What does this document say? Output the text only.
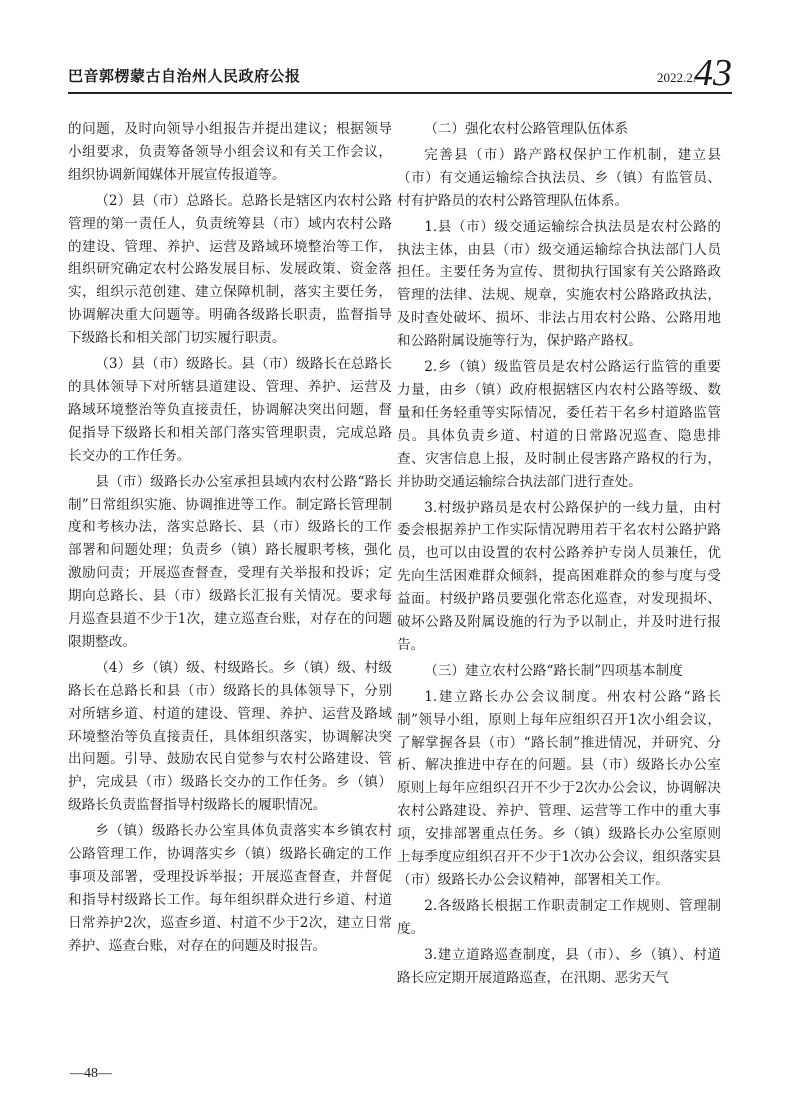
巴音郭楞蒙古自治州人民政府公报	2022.2.
43

的问题，及时向领导小组报告并提出建议；根据领导小组要求，负责筹备领导小组会议和有关工作会议，组织协调新闻媒体开展宣传报道等。

（2）县（市）总路长。总路长是辖区内农村公路管理的第一责任人，负责统筹县（市）域内农村公路的建设、管理、养护、运营及路域环境整治等工作，组织研究确定农村公路发展目标、发展政策、资金落实，组织示范创建、建立保障机制，落实主要任务，协调解决重大问题等。明确各级路长职责，监督指导下级路长和相关部门切实履行职责。

（3）县（市）级路长。县（市）级路长在总路长的具体领导下对所辖县道建设、管理、养护、运营及路域环境整治等负直接责任，协调解决突出问题，督促指导下级路长和相关部门落实管理职责，完成总路长交办的工作任务。

县（市）级路长办公室承担县域内农村公路“路长制”日常组织实施、协调推进等工作。制定路长管理制度和考核办法，落实总路长、县（市）级路长的工作部署和问题处理；负责乡（镇）路长履职考核，强化激励问责；开展巡查督查，受理有关举报和投诉；定期向总路长、县（市）级路长汇报有关情况。要求每月巡查县道不少于1次，建立巡查台账，对存在的问题限期整改。

（4）乡（镇）级、村级路长。乡（镇）级、村级路长在总路长和县（市）级路长的具体领导下，分别对所辖乡道、村道的建设、管理、养护、运营及路域环境整治等负直接责任，具体组织落实，协调解决突出问题。引导、鼓励农民自觉参与农村公路建设、管护，完成县（市）级路长交办的工作任务。乡（镇）级路长负责监督指导村级路长的履职情况。

乡（镇）级路长办公室具体负责落实本乡镇农村公路管理工作，协调落实乡（镇）级路长确定的工作事项及部署，受理投诉举报；开展巡查督查，并督促和指导村级路长工作。每年组织群众进行乡道、村道日常养护2次，巡查乡道、村道不少于2次，建立日常养护、巡查台账，对存在的问题及时报告。

（二）强化农村公路管理队伍体系

完善县（市）路产路权保护工作机制，建立县（市）有交通运输综合执法员、乡（镇）有监管员、村有护路员的农村公路管理队伍体系。

1.县（市）级交通运输综合执法员是农村公路的执法主体，由县（市）级交通运输综合执法部门人员担任。主要任务为宣传、贯彻执行国家有关公路路政管理的法律、法规、规章，实施农村公路路政执法，及时查处破坏、损坏、非法占用农村公路、公路用地和公路附属设施等行为，保护路产路权。

2.乡（镇）级监管员是农村公路运行监管的重要力量，由乡（镇）政府根据辖区内农村公路等级、数量和任务轻重等实际情况，委任若干名乡村道路监管员。具体负责乡道、村道的日常路况巡查、隐患排查、灾害信息上报，及时制止侵害路产路权的行为，并协助交通运输综合执法部门进行查处。

3.村级护路员是农村公路保护的一线力量，由村委会根据养护工作实际情况聘用若干名农村公路护路员，也可以由设置的农村公路养护专岗人员兼任，优先向生活困难群众倾斜，提高困难群众的参与度与受益面。村级护路员要强化常态化巡查，对发现损坏、破坏公路及附属设施的行为予以制止，并及时进行报告。

（三）建立农村公路“路长制”四项基本制度

1.建立路长办公会议制度。州农村公路“路长制”领导小组，原则上每年应组织召开1次小组会议，了解掌握各县（市）“路长制”推进情况，并研究、分析、解决推进中存在的问题。县（市）级路长办公室原则上每年应组织召开不少于2次办公会议，协调解决农村公路建设、养护、管理、运营等工作中的重大事项，安排部署重点任务。乡（镇）级路长办公室原则上每季度应组织召开不少于1次办公会议，组织落实县（市）级路长办公会议精神，部署相关工作。

2.各级路长根据工作职责制定工作规则、管理制度。

3.建立道路巡查制度，县（市）、乡（镇）、村道路长应定期开展道路巡查，在汛期、恶劣天气

—48—
